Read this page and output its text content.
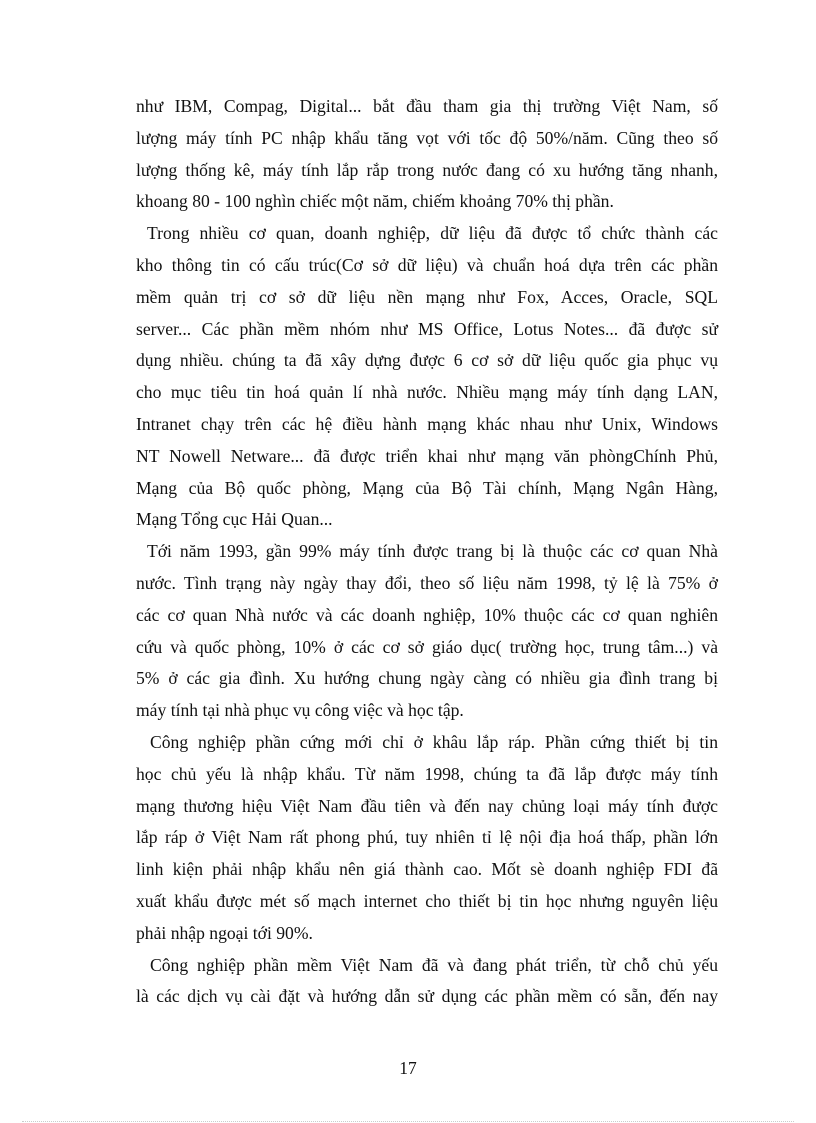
như IBM, Compag, Digital... bắt đầu tham gia thị trường Việt Nam, số
lượng máy tính PC nhập khẩu tăng vọt với tốc độ 50%/năm. Cũng theo số
lượng thống kê, máy tính lắp rắp trong nước đang có xu hướng tăng nhanh,
khoang 80 - 100 nghìn chiếc một năm, chiếm khoảng 70% thị phần.
Trong nhiều cơ quan, doanh nghiệp, dữ liệu đã được tổ chức thành các
kho thông tin có cấu trúc(Cơ sở dữ liệu) và chuẩn hoá dựa trên các phần
mềm quản trị cơ sở dữ liệu nền mạng như Fox, Acces, Oracle, SQL
server... Các phần mềm nhóm như MS Office, Lotus Notes... đã được sử
dụng nhiều. chúng ta đã xây dựng được 6 cơ sở dữ liệu quốc gia phục vụ
cho mục tiêu tin hoá quản lí nhà nước. Nhiều mạng máy tính dạng LAN,
Intranet chạy trên các hệ điều hành mạng khác nhau như Unix, Windows
NT Nowell Netware... đã được triển khai như mạng văn phòngChính Phủ,
Mạng của Bộ quốc phòng, Mạng của Bộ Tài chính, Mạng Ngân Hàng,
Mạng Tổng cục Hải Quan...
Tới năm 1993, gần 99% máy tính được trang bị là thuộc các cơ quan Nhà
nước. Tình trạng này ngày thay đổi, theo số liệu năm 1998, tỷ lệ là 75% ở
các cơ quan Nhà nước và các doanh nghiệp, 10% thuộc các cơ quan nghiên
cứu và quốc phòng, 10% ở các cơ sở giáo dục( trường học, trung tâm...) và
5% ở các gia đình. Xu hướng chung ngày càng có nhiều gia đình trang bị
máy tính tại nhà phục vụ công việc và học tập.
Công nghiệp phần cứng mới chỉ ở khâu lắp ráp. Phần cứng thiết bị tin
học chủ yếu là nhập khẩu. Từ năm 1998, chúng ta đã lắp được máy tính
mạng thương hiệu Việt Nam đầu tiên và đến nay chủng loại máy tính được
lắp ráp ở Việt Nam rất phong phú, tuy nhiên tỉ lệ nội địa hoá thấp, phần lớn
linh kiện phải nhập khẩu nên giá thành cao. Mốt sè doanh nghiệp FDI đã
xuất khẩu được mét số mạch internet cho thiết bị tin học nhưng nguyên liệu
phải nhập ngoại tới 90%.
Công nghiệp phần mềm Việt Nam đã và đang phát triển, từ chỗ chủ yếu
là các dịch vụ cài đặt và hướng dẫn sử dụng các phần mềm có sẵn, đến nay
17
